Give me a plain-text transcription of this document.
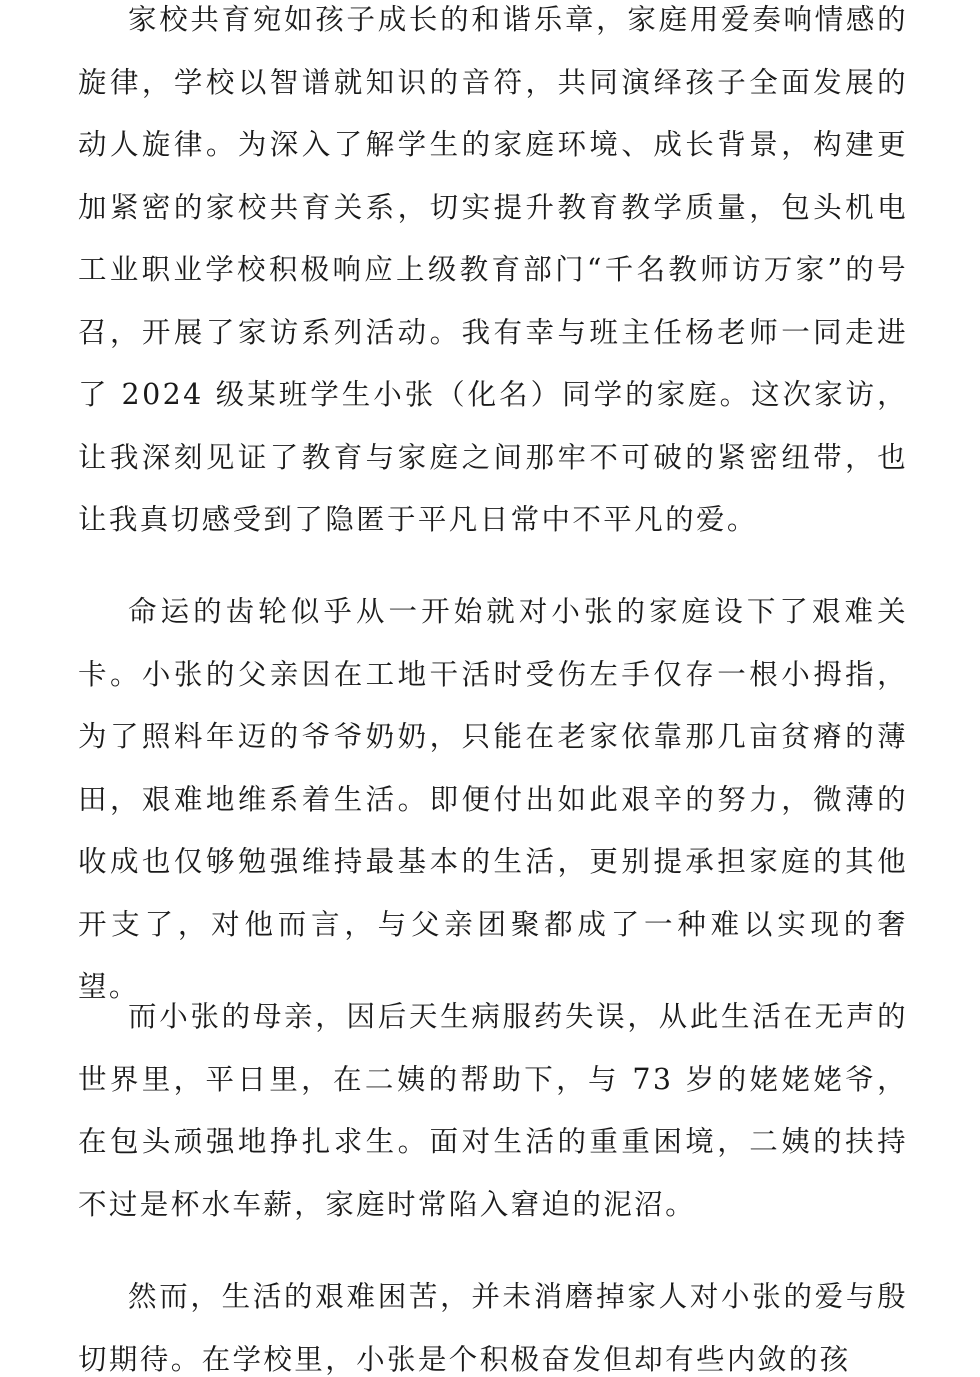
家校共育宛如孩子成长的和谐乐章，家庭用爱奏响情感的旋律，学校以智谱就知识的音符，共同演绎孩子全面发展的动人旋律。为深入了解学生的家庭环境、成长背景，构建更加紧密的家校共育关系，切实提升教育教学质量，包头机电工业职业学校积极响应上级教育部门“千名教师访万家”的号召，开展了家访系列活动。我有幸与班主任杨老师一同走进了 2024 级某班学生小张（化名）同学的家庭。这次家访，让我深刻见证了教育与家庭之间那牢不可破的紧密纽带，也让我真切感受到了隐匿于平凡日常中不平凡的爱。

命运的齿轮似乎从一开始就对小张的家庭设下了艰难关卡。小张的父亲因在工地干活时受伤左手仅存一根小拇指，为了照料年迈的爷爷奶奶，只能在老家依靠那几亩贫瘠的薄田，艰难地维系着生活。即便付出如此艰辛的努力，微薄的收成也仅够勉强维持最基本的生活，更别提承担家庭的其他开支了，对他而言，与父亲团聚都成了一种难以实现的奢望。

而小张的母亲，因后天生病服药失误，从此生活在无声的世界里，平日里，在二姨的帮助下，与 73 岁的姥姥姥爷，在包头顽强地挣扎求生。面对生活的重重困境，二姨的扶持不过是杯水车薪，家庭时常陷入窘迫的泥沼。

然而，生活的艰难困苦，并未消磨掉家人对小张的爱与殷切期待。在学校里，小张是个积极奋发但却有些内敛的孩
